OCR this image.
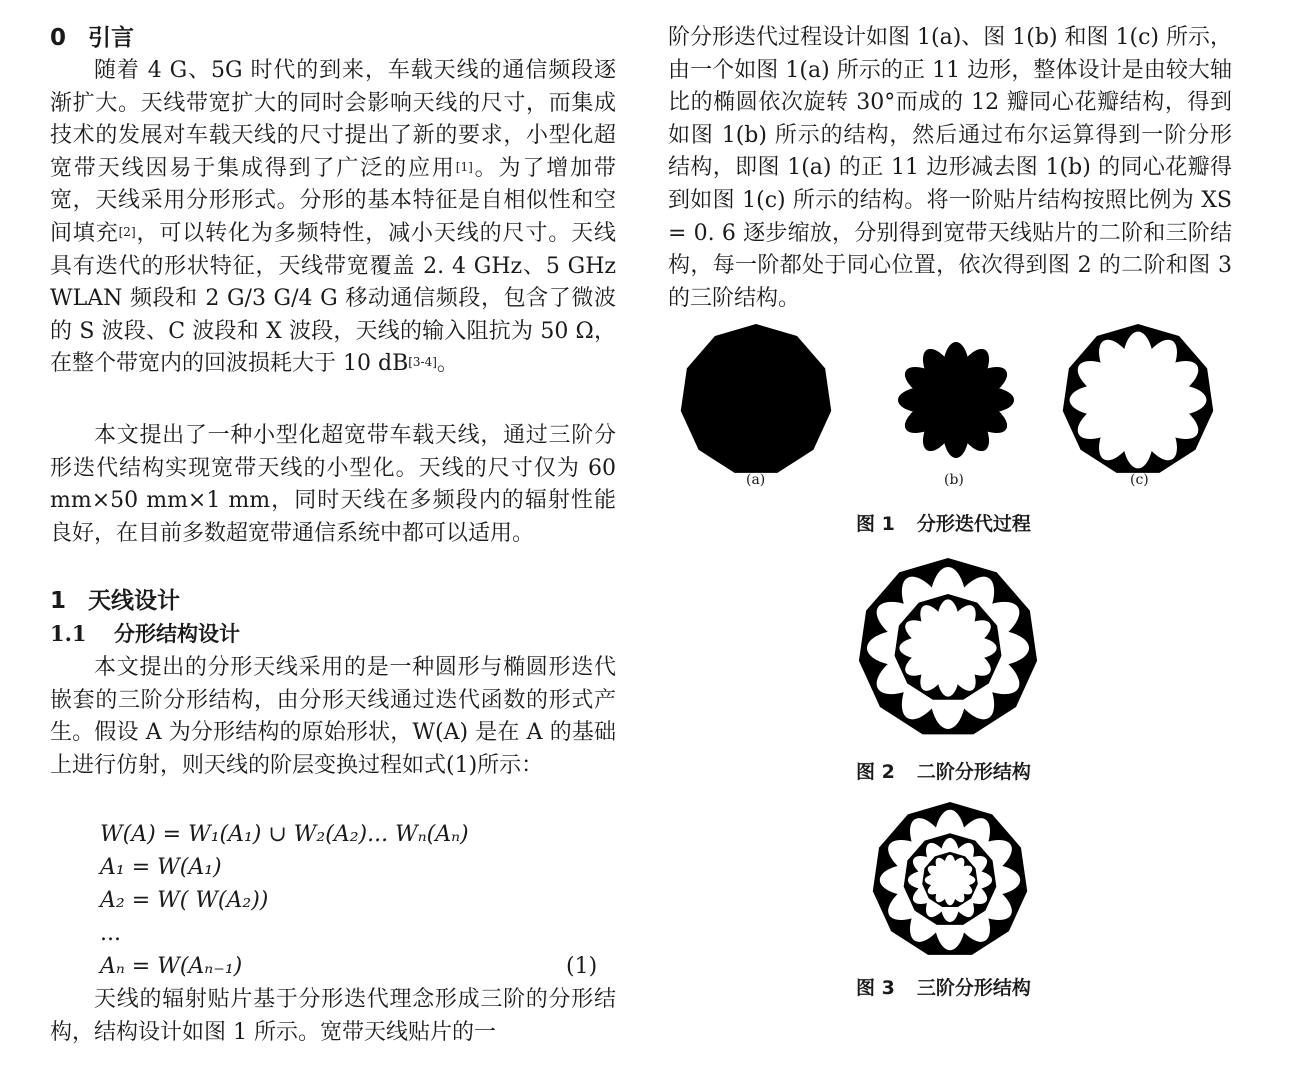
0 引言

随着 4 G、5G 时代的到来，车载天线的通信频段逐渐扩大。天线带宽扩大的同时会影响天线的尺寸，而集成技术的发展对车载天线的尺寸提出了新的要求，小型化超宽带天线因易于集成得到了广泛的应用[1]。为了增加带宽，天线采用分形形式。分形的基本特征是自相似性和空间填充[2]，可以转化为多频特性，减小天线的尺寸。天线具有迭代的形状特征，天线带宽覆盖 2. 4 GHz、5 GHz WLAN 频段和 2 G/3 G/4 G 移动通信频段，包含了微波的 S 波段、C 波段和 X 波段，天线的输入阻抗为 50 Ω，在整个带宽内的回波损耗大于 10 dB[3-4]。

本文提出了一种小型化超宽带车载天线，通过三阶分形迭代结构实现宽带天线的小型化。天线的尺寸仅为 60 mm×50 mm×1 mm，同时天线在多频段内的辐射性能良好，在目前多数超宽带通信系统中都可以适用。

1 天线设计
1.1 分形结构设计

本文提出的分形天线采用的是一种圆形与椭圆形迭代嵌套的三阶分形结构，由分形天线通过迭代函数的形式产生。假设 A 为分形结构的原始形状，W(A) 是在 A 的基础上进行仿射，则天线的阶层变换过程如式(1)所示：

W(A) = W₁(A₁) ∪ W₂(A₂)... Wₙ(Aₙ)

A₁ = W(A₁)

A₂ = W( W(A₂))

...

Aₙ = W(Aₙ₋₁)	(1)

天线的辐射贴片基于分形迭代理念形成三阶的分形结构，结构设计如图 1 所示。宽带天线贴片的一

阶分形迭代过程设计如图 1(a)、图 1(b) 和图 1(c) 所示，由一个如图 1(a) 所示的正 11 边形，整体设计是由较大轴比的椭圆依次旋转 30°而成的 12 瓣同心花瓣结构，得到如图 1(b) 所示的结构，然后通过布尔运算得到一阶分形结构，即图 1(a) 的正 11 边形减去图 1(b) 的同心花瓣得到如图 1(c) 所示的结构。将一阶贴片结构按照比例为 XS = 0. 6 逐步缩放，分别得到宽带天线贴片的二阶和三阶结构，每一阶都处于同心位置，依次得到图 2 的二阶和图 3 的三阶结构。

(a)	(b)	(c)
图 1 分形迭代过程
图 2 二阶分形结构
图 3 三阶分形结构
